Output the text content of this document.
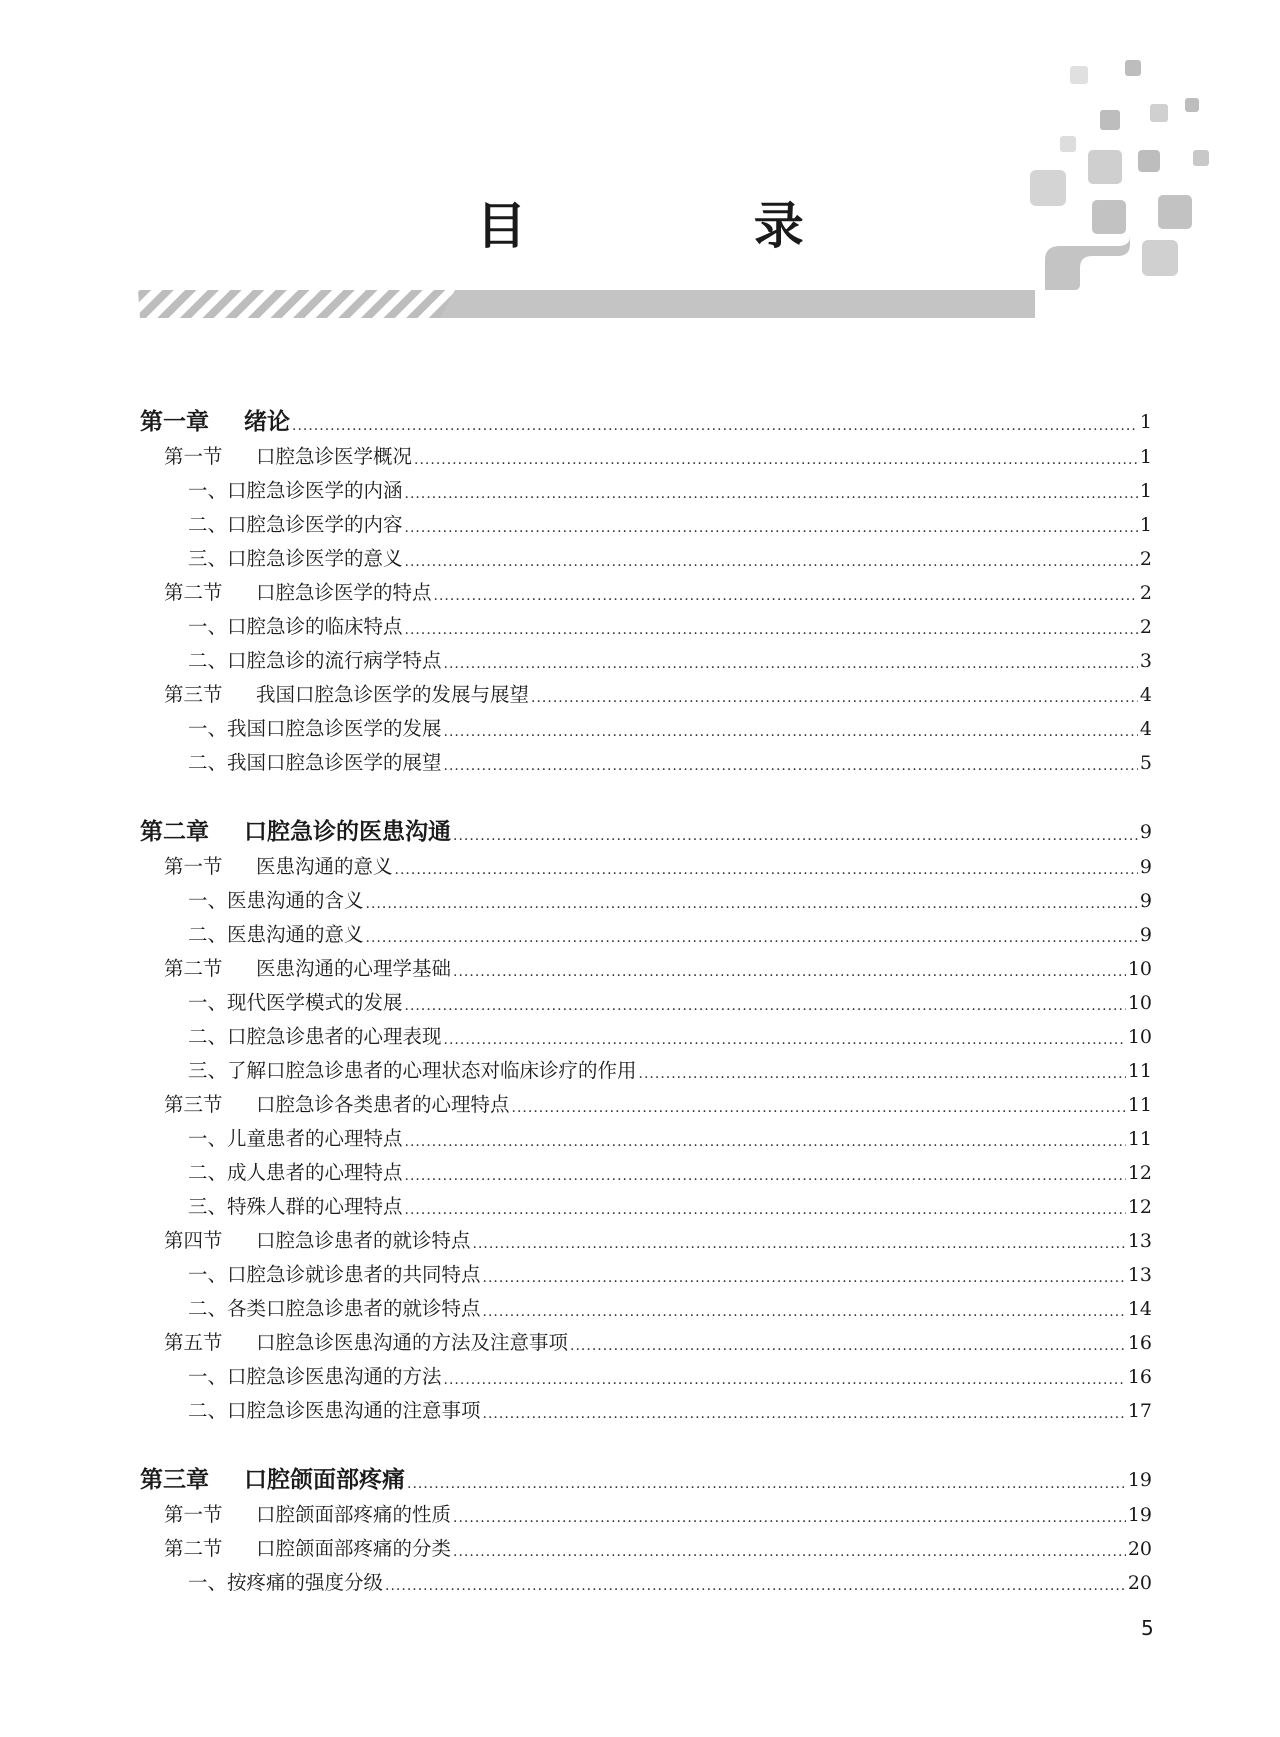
目 录
第一章 绪论 ·····	1
第一节 口腔急诊医学概况 ·····	1
一、口腔急诊医学的内涵 ·····	1
二、口腔急诊医学的内容 ·····	1
三、口腔急诊医学的意义 ·····	2
第二节 口腔急诊医学的特点 ·····	2
一、口腔急诊的临床特点 ·····	2
二、口腔急诊的流行病学特点 ·····	3
第三节 我国口腔急诊医学的发展与展望 ·····	4
一、我国口腔急诊医学的发展 ·····	4
二、我国口腔急诊医学的展望 ·····	5
第二章 口腔急诊的医患沟通 ·····	9
第一节 医患沟通的意义 ·····	9
一、医患沟通的含义 ·····	9
二、医患沟通的意义 ·····	9
第二节 医患沟通的心理学基础 ·····	10
一、现代医学模式的发展 ·····	10
二、口腔急诊患者的心理表现 ·····	10
三、了解口腔急诊患者的心理状态对临床诊疗的作用 ·····	11
第三节 口腔急诊各类患者的心理特点 ·····	11
一、儿童患者的心理特点 ·····	11
二、成人患者的心理特点 ·····	12
三、特殊人群的心理特点 ·····	12
第四节 口腔急诊患者的就诊特点 ·····	13
一、口腔急诊就诊患者的共同特点 ·····	13
二、各类口腔急诊患者的就诊特点 ·····	14
第五节 口腔急诊医患沟通的方法及注意事项 ·····	16
一、口腔急诊医患沟通的方法 ·····	16
二、口腔急诊医患沟通的注意事项 ·····	17
第三章 口腔颌面部疼痛 ·····	19
第一节 口腔颌面部疼痛的性质 ·····	19
第二节 口腔颌面部疼痛的分类 ·····	20
一、按疼痛的强度分级 ·····	20
5
